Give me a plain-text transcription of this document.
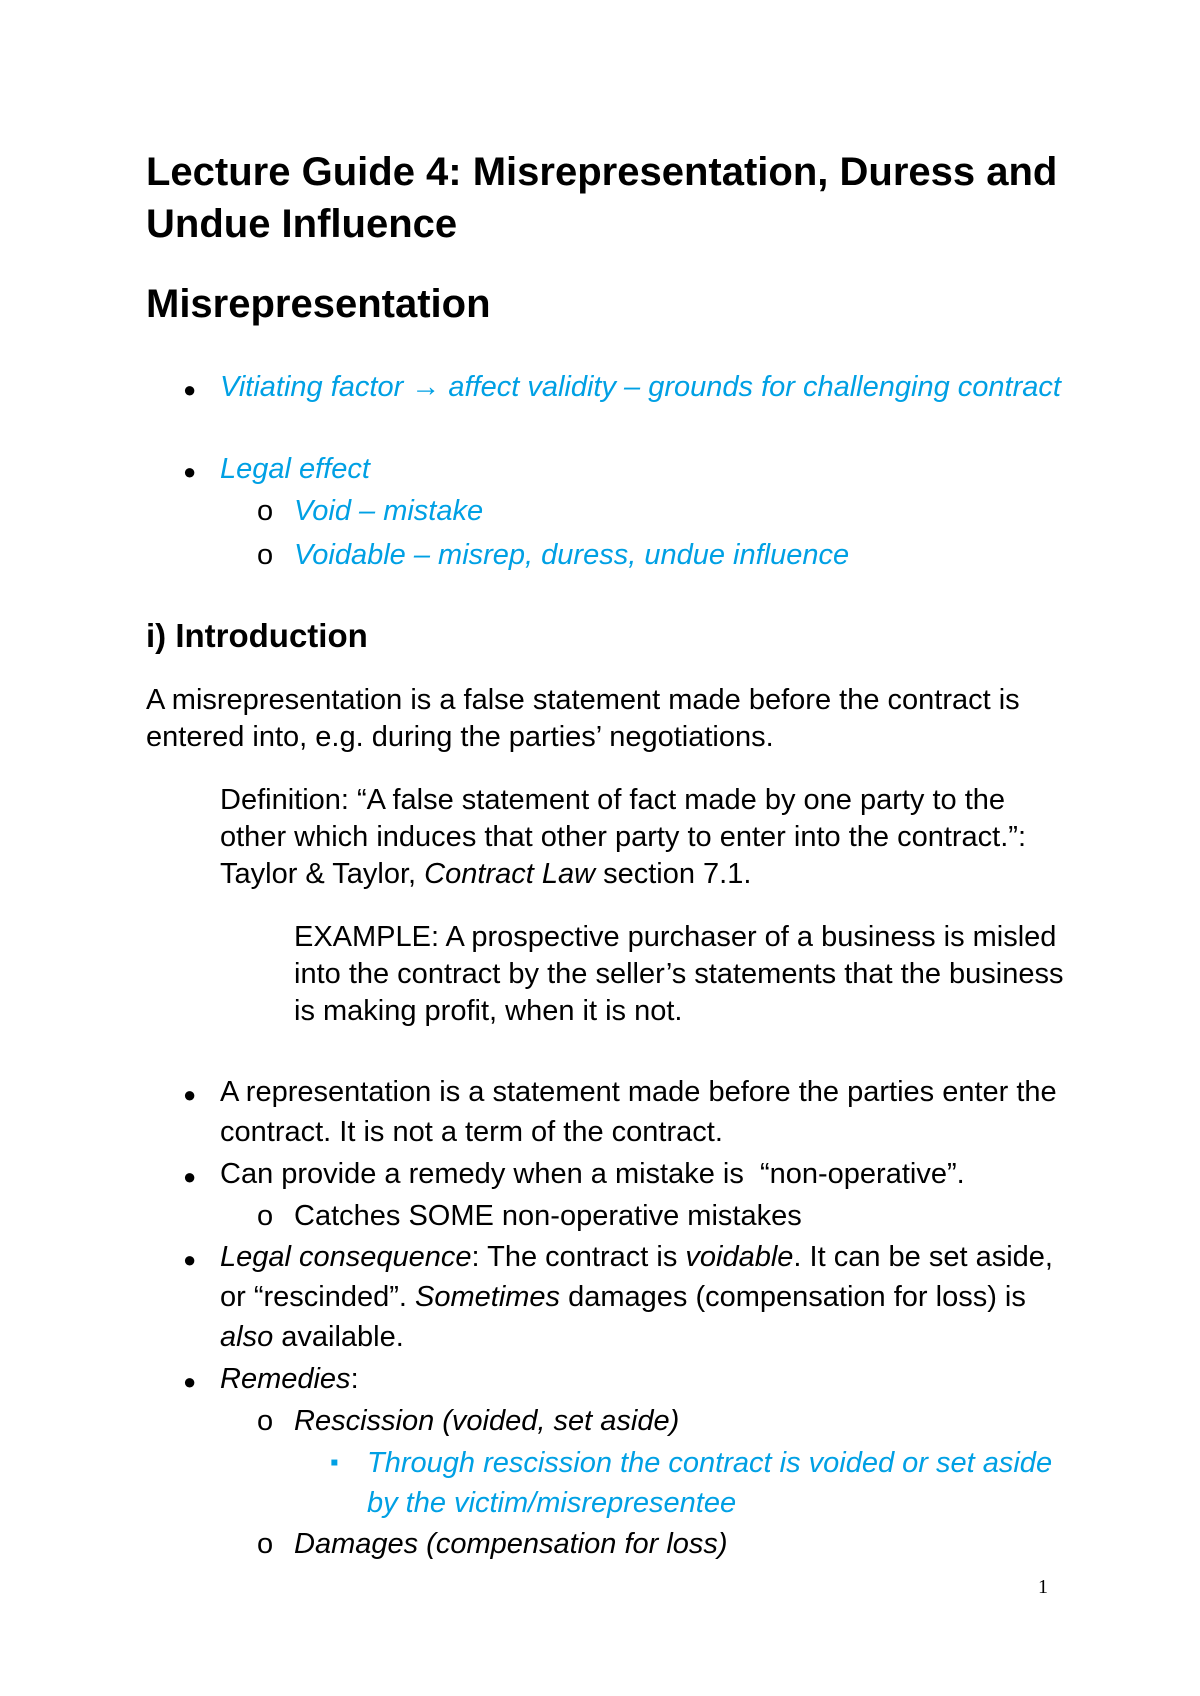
Lecture Guide 4: Misrepresentation, Duress and Undue Influence
Misrepresentation
● Vitiating factor → affect validity – grounds for challenging contract

● Legal effect

o Void – mistake

o Voidable – misrep, duress, undue influence

i) Introduction

A misrepresentation is a false statement made before the contract is entered into, e.g. during the parties’ negotiations.

Definition: “A false statement of fact made by one party to the other which induces that other party to enter into the contract.”: Taylor & Taylor, Contract Law section 7.1.

EXAMPLE: A prospective purchaser of a business is misled into the contract by the seller’s statements that the business is making profit, when it is not.

● A representation is a statement made before the parties enter the contract. It is not a term of the contract.

● Can provide a remedy when a mistake is  “non-operative”.

o Catches SOME non-operative mistakes

● Legal consequence: The contract is voidable. It can be set aside, or “rescinded”. Sometimes damages (compensation for loss) is also available.

● Remedies:

o Rescission (voided, set aside)

▪ Through rescission the contract is voided or set aside by the victim/misrepresentee

o Damages (compensation for loss)

1
